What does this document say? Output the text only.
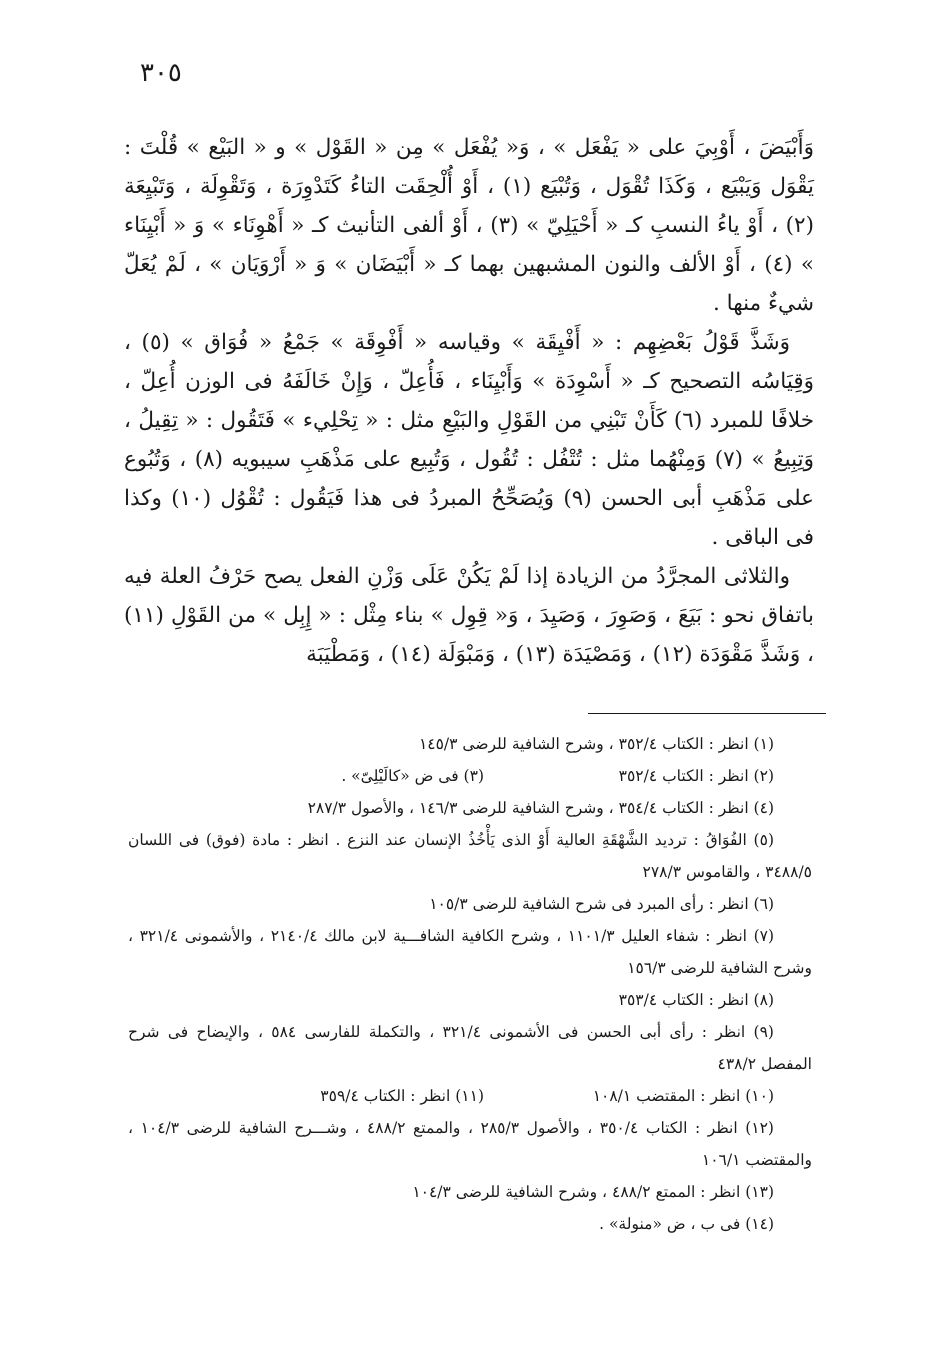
٣٠٥

وَأَبْيَضَ ، أَوْبِيَ على « يَفْعَل » ، وَ« يُفْعَل » مِن « القَوْل » و « البَيْع » قُلْتَ : يَقْوَل وَيَبْيَع ، وَكَذَا تُقْوَل ، وَتُبْيَع (١) ، أَوْ أُلْحِقَت التاءُ كَتَدْوِرَة ، وَتَقْوِلَة ، وَتَبْيِعَة (٢) ، أَوْ ياءُ النسبِ كـ « أَحْيَلِيّ » (٣) ، أَوْ ألفى التأنيث كـ « أَهْوِنَاء » وَ « أَبْيِنَاء » (٤) ، أَوْ الألف والنون المشبهين بهما كـ « أَبْيَضَان » وَ « أَرْوَيَان » ، لَمْ يُعَلّ شيءٌ منها .

وَشَذَّ قَوْلُ بَعْضِهِم : « أَفْيِقَة » وقياسه « أَفْوِقَة » جَمْعُ « فُوَاق » (٥) ، وَقِيَاسُه التصحيح كـ « أَسْوِدَة » وَأَبْيِنَاء ، فَأُعِلّ ، وَإِنْ خَالَفَهُ فى الوزن أُعِلّ ، خلافًا للمبرد (٦) كَأَنْ تَبْنِي من القَوْلِ والبَيْعِ مثل : « تِحْلِيء » فَتَقُول : « تِقِيلُ ، وَتِبِيعُ » (٧) وَمِنْهُما مثل : تُتْفُل : تُقُول ، وَتُبِيع على مَذْهَبِ سيبويه (٨) ، وَتُبُوع على مَذْهَبِ أبى الحسن (٩) وَيُصَحِّحُ المبردُ فى هذا فَيَقُول : تُقْوُل (١٠) وكذا فى الباقى .

والثلاثى المجرَّدُ من الزيادة إذا لَمْ يَكُنْ عَلَى وَزْنِ الفعل يصح حَرْفُ العلة فيه باتفاق نحو : بَيَعَ ، وَصَوِرَ ، وَصَيِدَ ، وَ« قِوِل » بناء مِثْل : « إِبِل » من القَوْلِ (١١) ، وَشَذَّ مَقْوَدَة (١٢) ، وَمَصْيَدَة (١٣) ، وَمَبْوَلَة (١٤) ، وَمَطْيَبَة

(١) انظر : الكتاب ٣٥٢/٤ ، وشرح الشافية للرضى ١٤٥/٣

(٢) انظر : الكتاب ٣٥٢/٤
(٣) فى ض «كالَيْلِىّ» .

(٤) انظر : الكتاب ٣٥٤/٤ ، وشرح الشافية للرضى ١٤٦/٣ ، والأصول ٢٨٧/٣

(٥) الفُوَاقُ : ترديد الشَّهْقَةِ العالية أَوْ الذى يَأْخُذُ الإنسان عند النزع . انظر : مادة (فوق) فى اللسان ٣٤٨٨/٥ ، والقاموس ٢٧٨/٣

(٦) انظر : رأى المبرد فى شرح الشافية للرضى ١٠٥/٣

(٧) انظر : شفاء العليل ١١٠١/٣ ، وشرح الكافية الشافـــية لابن مالك ٢١٤٠/٤ ، والأشمونى ٣٢١/٤ ، وشرح الشافية للرضى ١٥٦/٣

(٨) انظر : الكتاب ٣٥٣/٤

(٩) انظر : رأى أبى الحسن فى الأشمونى ٣٢١/٤ ، والتكملة للفارسى ٥٨٤ ، والإيضاح فى شرح المفصل ٤٣٨/٢

(١٠) انظر : المقتضب ١٠٨/١
(١١) انظر : الكتاب ٣٥٩/٤

(١٢) انظر : الكتاب ٣٥٠/٤ ، والأصول ٢٨٥/٣ ، والممتع ٤٨٨/٢ ، وشـــرح الشافية للرضى ١٠٤/٣ ، والمقتضب ١٠٦/١

(١٣) انظر : الممتع ٤٨٨/٢ ، وشرح الشافية للرضى ١٠٤/٣

(١٤) فى ب ، ض «منولة» .
